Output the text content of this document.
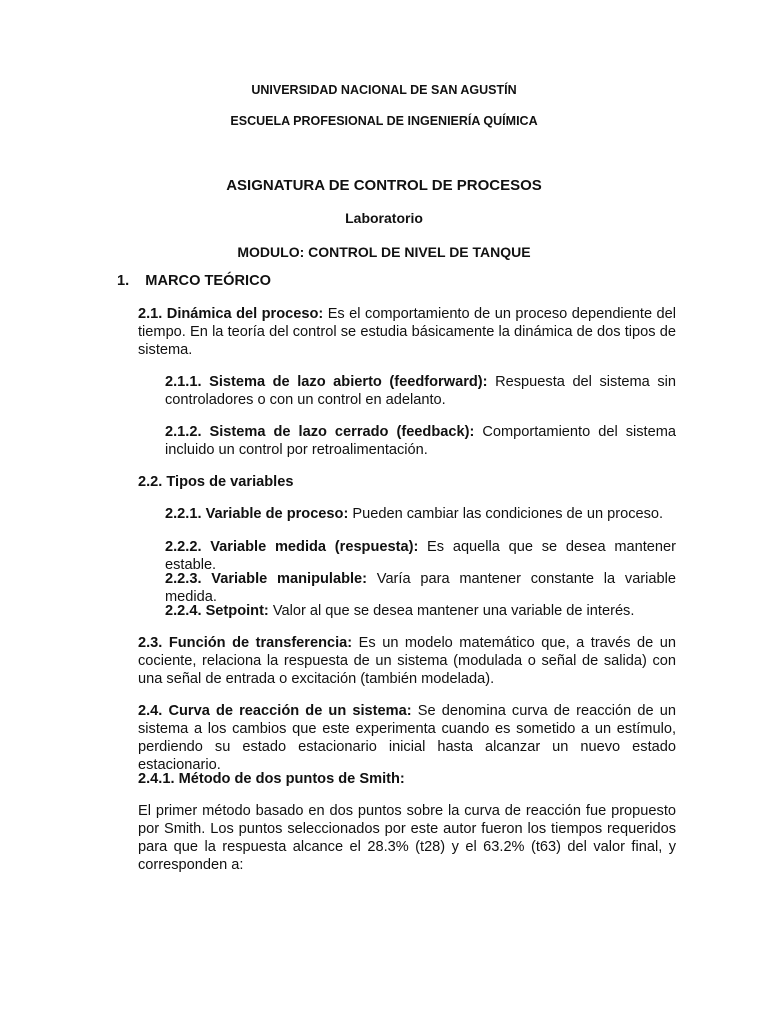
UNIVERSIDAD NACIONAL DE SAN AGUSTÍN

ESCUELA PROFESIONAL DE INGENIERÍA QUÍMICA

ASIGNATURA DE CONTROL DE PROCESOS

Laboratorio

MODULO: CONTROL DE NIVEL DE TANQUE

1. MARCO TEÓRICO

2.1. Dinámica del proceso: Es el comportamiento de un proceso dependiente del tiempo. En la teoría del control se estudia básicamente la dinámica de dos tipos de sistema.

2.1.1. Sistema de lazo abierto (feedforward): Respuesta del sistema sin controladores o con un control en adelanto.

2.1.2. Sistema de lazo cerrado (feedback): Comportamiento del sistema incluido un control por retroalimentación.

2.2. Tipos de variables

2.2.1. Variable de proceso: Pueden cambiar las condiciones de un proceso.

2.2.2. Variable medida (respuesta): Es aquella que se desea mantener estable.

2.2.3. Variable manipulable: Varía para mantener constante la variable medida.

2.2.4. Setpoint: Valor al que se desea mantener una variable de interés.

2.3. Función de transferencia: Es un modelo matemático que, a través de un cociente, relaciona la respuesta de un sistema (modulada o señal de salida) con una señal de entrada o excitación (también modelada).

2.4. Curva de reacción de un sistema: Se denomina curva de reacción de un sistema a los cambios que este experimenta cuando es sometido a un estímulo, perdiendo su estado estacionario inicial hasta alcanzar un nuevo estado estacionario.

2.4.1. Método de dos puntos de Smith:

El primer método basado en dos puntos sobre la curva de reacción fue propuesto por Smith. Los puntos seleccionados por este autor fueron los tiempos requeridos para que la respuesta alcance el 28.3% (t28) y el 63.2% (t63) del valor final, y corresponden a:
